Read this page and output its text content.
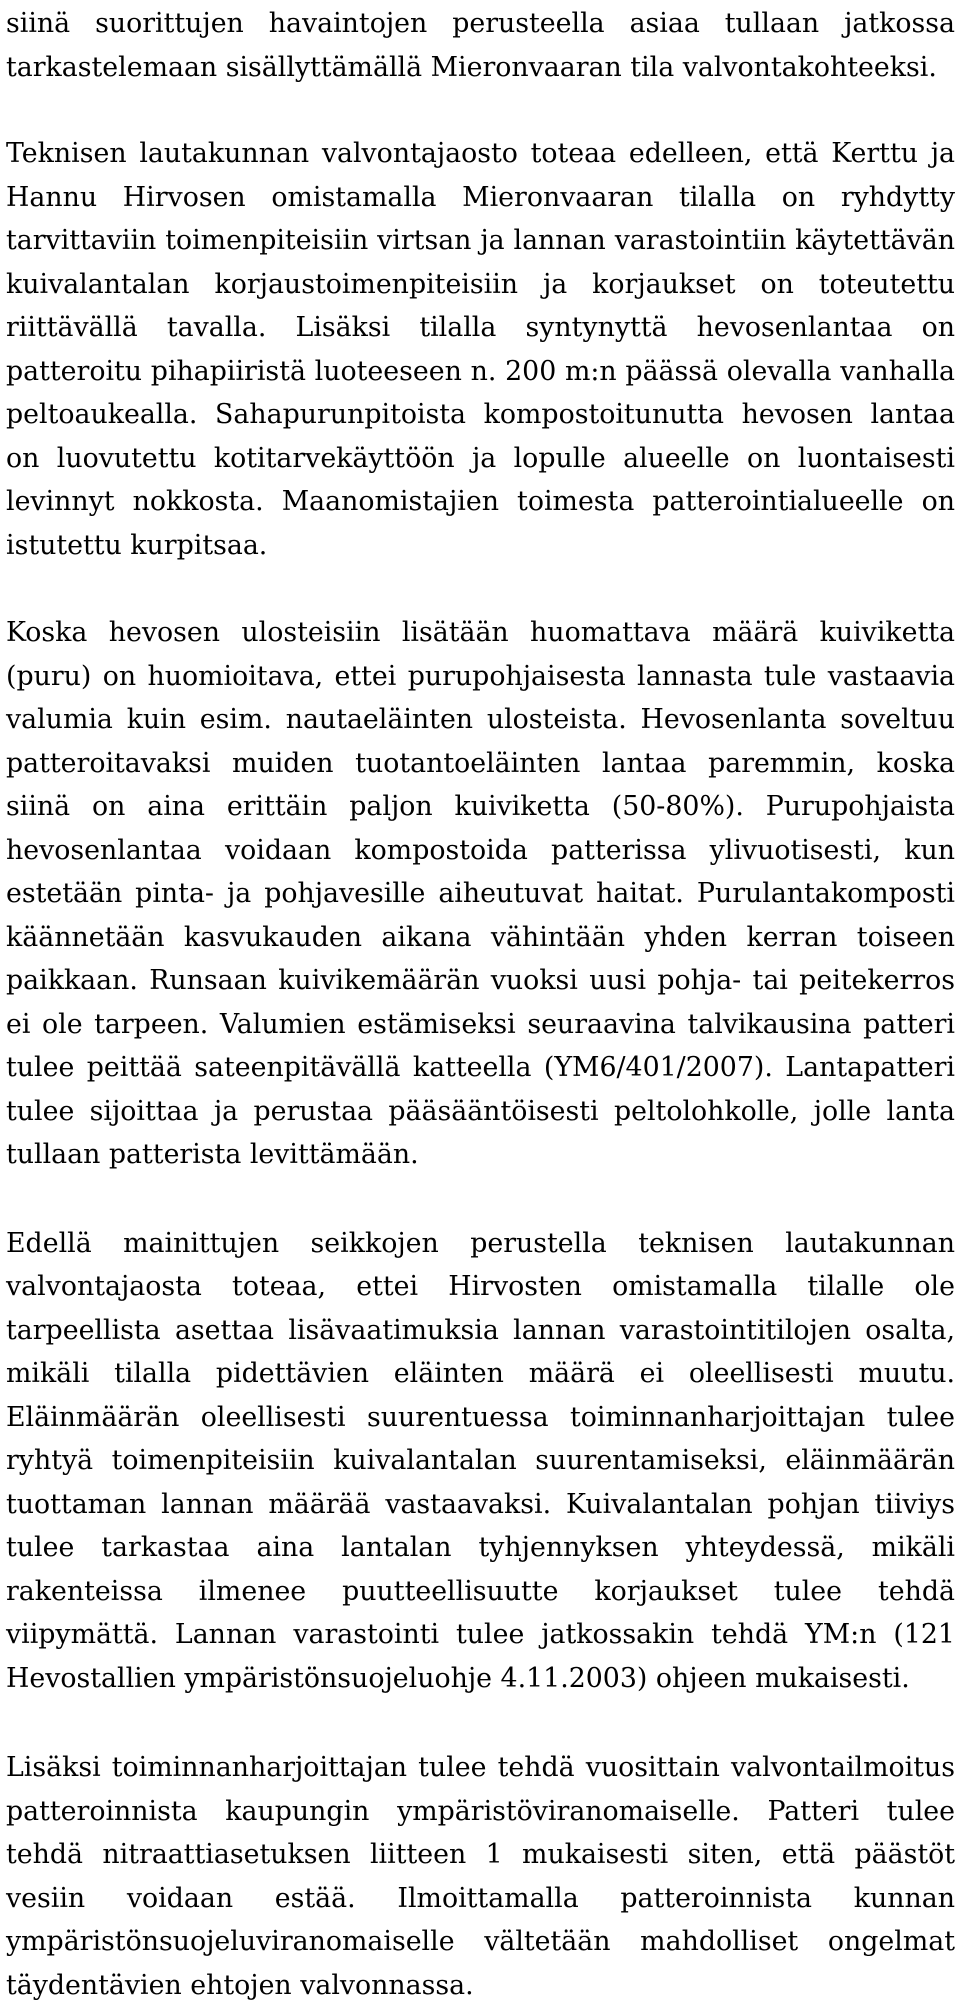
siinä suorittujen havaintojen perusteella asiaa tullaan jatkossa tarkastelemaan sisällyttämällä Mieronvaaran tila valvontakohteeksi.

Teknisen lautakunnan valvontajaosto toteaa edelleen, että Kerttu ja Hannu Hirvosen omistamalla Mieronvaaran tilalla on ryhdytty tarvittaviin toimenpiteisiin virtsan ja lannan varastointiin käytettävän kuivalantalan korjaustoimenpiteisiin ja korjaukset on toteutettu riittävällä tavalla. Lisäksi tilalla syntynyttä hevosenlantaa on patteroitu pihapiiristä luoteeseen n. 200 m:n päässä olevalla vanhalla peltoaukealla. Sahapurunpitoista kompostoitunutta hevosen lantaa on luovutettu kotitarvekäyttöön ja lopulle alueelle on luontaisesti levinnyt nokkosta. Maanomistajien toimesta patterointialueelle on istutettu kurpitsaa.

Koska hevosen ulosteisiin lisätään huomattava määrä kuiviketta (puru) on huomioitava, ettei purupohjaisesta lannasta tule vastaavia valumia kuin esim. nautaeläinten ulosteista. Hevosenlanta soveltuu patteroitavaksi muiden tuotantoeläinten lantaa paremmin, koska siinä on aina erittäin paljon kuiviketta (50-80%). Purupohjaista hevosenlantaa voidaan kompostoida patterissa ylivuotisesti, kun estetään pinta- ja pohjavesille aiheutuvat haitat. Purulantakomposti käännetään kasvukauden aikana vähintään yhden kerran toiseen paikkaan. Runsaan kuivikemäärän vuoksi uusi pohja- tai peitekerros ei ole tarpeen. Valumien estämiseksi seuraavina talvikausina patteri tulee peittää sateenpitävällä katteella (YM6/401/2007). Lantapatteri tulee sijoittaa ja perustaa pääsääntöisesti peltolohkolle, jolle lanta tullaan patterista levittämään.

Edellä mainittujen seikkojen perustella teknisen lautakunnan valvontajaosta toteaa, ettei Hirvosten omistamalla tilalle ole tarpeellista asettaa lisävaatimuksia lannan varastointitilojen osalta, mikäli tilalla pidettävien eläinten määrä ei oleellisesti muutu. Eläinmäärän oleellisesti suurentuessa toiminnanharjoittajan tulee ryhtyä toimenpiteisiin kuivalantalan suurentamiseksi, eläinmäärän tuottaman lannan määrää vastaavaksi. Kuivalantalan pohjan tiiviys tulee tarkastaa aina lantalan tyhjennyksen yhteydessä, mikäli rakenteissa ilmenee puutteellisuutte korjaukset tulee tehdä viipymättä. Lannan varastointi tulee jatkossakin tehdä YM:n (121 Hevostallien ympäristönsuojeluohje 4.11.2003) ohjeen mukaisesti.

Lisäksi toiminnanharjoittajan tulee tehdä vuosittain valvontailmoitus patteroinnista kaupungin ympäristöviranomaiselle. Patteri tulee tehdä nitraattiasetuksen liitteen 1 mukaisesti siten, että päästöt vesiin voidaan estää. Ilmoittamalla patteroinnista kunnan ympäristönsuojeluviranomaiselle vältetään mahdolliset ongelmat täydentävien ehtojen valvonnassa.
